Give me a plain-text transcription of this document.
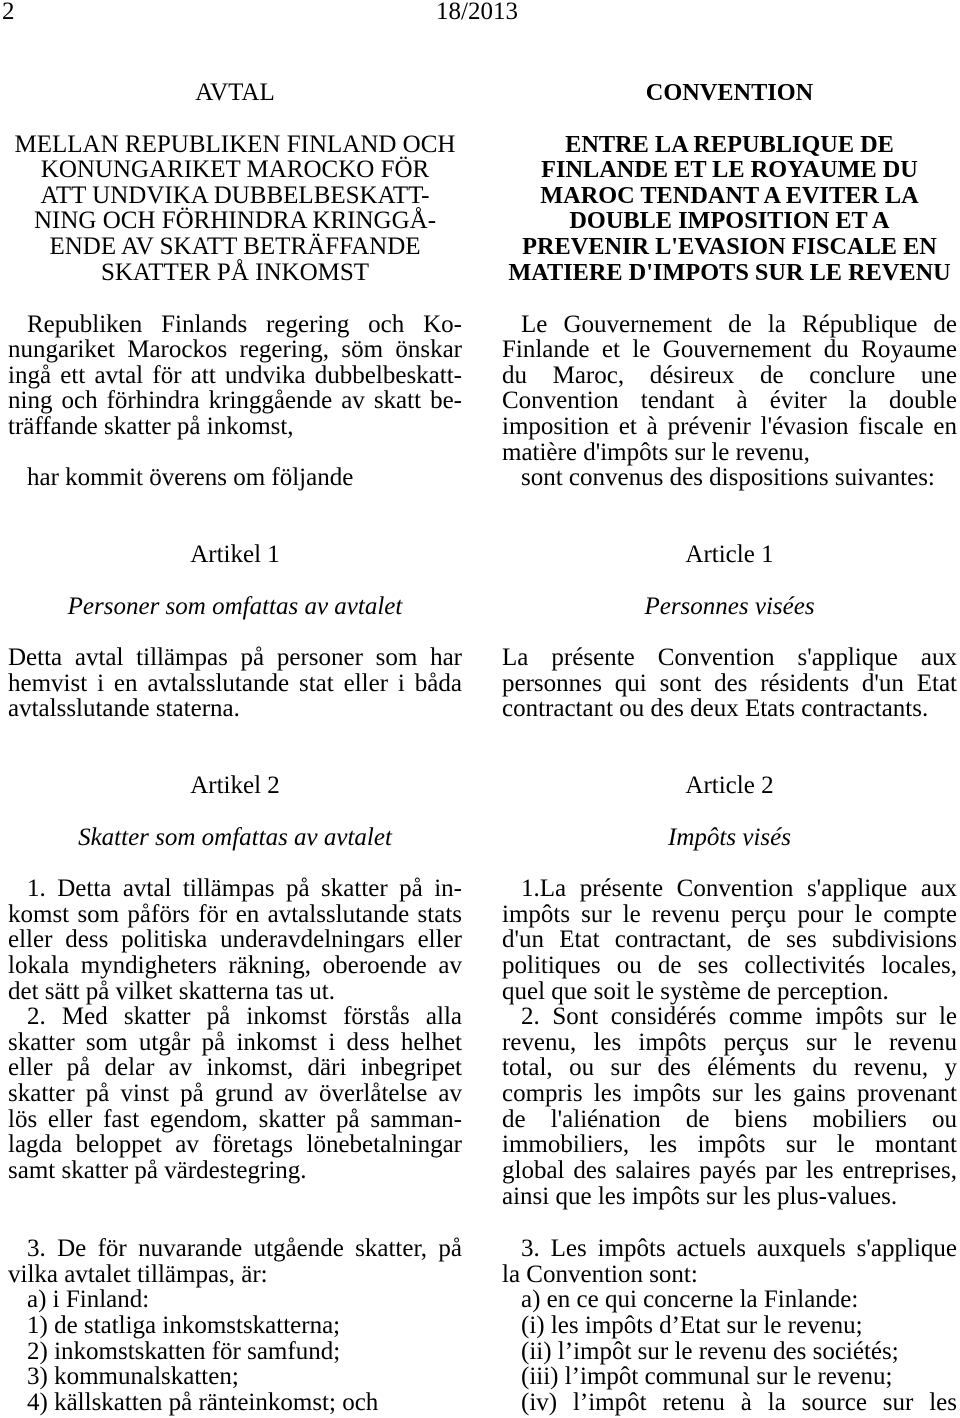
2	18/2013
AVTAL
MELLAN REPUBLIKEN FINLAND OCH
KONUNGARIKET MAROCKO FÖR
ATT UNDVIKA DUBBELBESKATT-
NING OCH FÖRHINDRA KRINGGÅ-
ENDE AV SKATT BETRÄFFANDE
SKATTER PÅ INKOMST
Republiken Finlands regering och Ko-
nungariket Marockos regering, söm önskar
ingå ett avtal för att undvika dubbelbeskatt-
ning och förhindra kringgående av skatt be-
träffande skatter på inkomst,
har kommit överens om följande
Artikel 1
Personer som omfattas av avtalet
Detta avtal tillämpas på personer som har
hemvist i en avtalsslutande stat eller i båda
avtalsslutande staterna.
Artikel 2
Skatter som omfattas av avtalet
1. Detta avtal tillämpas på skatter på in-
komst som påförs för en avtalsslutande stats
eller dess politiska underavdelningars eller
lokala myndigheters räkning, oberoende av
det sätt på vilket skatterna tas ut.
2. Med skatter på inkomst förstås alla
skatter som utgår på inkomst i dess helhet
eller på delar av inkomst, däri inbegripet
skatter på vinst på grund av överlåtelse av
lös eller fast egendom, skatter på samman-
lagda beloppet av företags lönebetalningar
samt skatter på värdestegring.
3. De för nuvarande utgående skatter, på
vilka avtalet tillämpas, är:
a) i Finland:
1) de statliga inkomstskatterna;
2) inkomstskatten för samfund;
3) kommunalskatten;
4) källskatten på ränteinkomst; och
CONVENTION
ENTRE LA REPUBLIQUE DE
FINLANDE ET LE ROYAUME DU
MAROC TENDANT A EVITER LA
DOUBLE IMPOSITION ET A
PREVENIR L'EVASION FISCALE EN
MATIERE D'IMPOTS SUR LE REVENU
Le Gouvernement de la République de
Finlande et le Gouvernement du Royaume
du Maroc, désireux de conclure une
Convention tendant à éviter la double
imposition et à prévenir l'évasion fiscale en
matière d'impôts sur le revenu,
sont convenus des dispositions suivantes:
Article 1
Personnes visées
La présente Convention s'applique aux
personnes qui sont des résidents d'un Etat
contractant ou des deux Etats contractants.
Article 2
Impôts visés
1.La présente Convention s'applique aux
impôts sur le revenu perçu pour le compte
d'un Etat contractant, de ses subdivisions
politiques ou de ses collectivités locales,
quel que soit le système de perception.
2. Sont considérés comme impôts sur le
revenu, les impôts perçus sur le revenu
total, ou sur des éléments du revenu, y
compris les impôts sur les gains provenant
de l'aliénation de biens mobiliers ou
immobiliers, les impôts sur le montant
global des salaires payés par les entreprises,
ainsi que les impôts sur les plus-values.
3. Les impôts actuels auxquels s'applique
la Convention sont:
a) en ce qui concerne la Finlande:
(i) les impôts d’Etat sur le revenu;
(ii) l’impôt sur le revenu des sociétés;
(iii) l’impôt communal sur le revenu;
(iv) l’impôt retenu à la source sur les
